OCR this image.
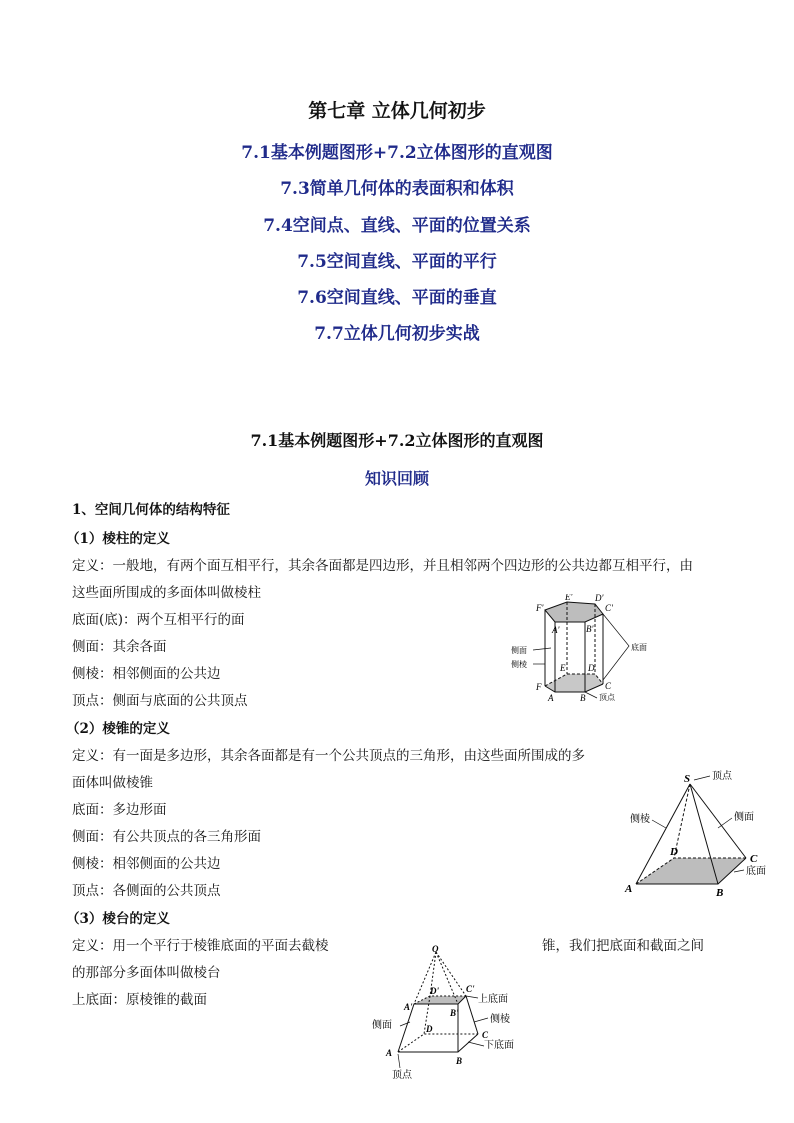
第七章 立体几何初步
7.1基本例题图形+7.2立体图形的直观图
7.3简单几何体的表面积和体积
7.4空间点、直线、平面的位置关系
7.5空间直线、平面的平行
7.6空间直线、平面的垂直
7.7立体几何初步实战
7.1基本例题图形+7.2立体图形的直观图
知识回顾
1、空间几何体的结构特征
（1）棱柱的定义
定义：一般地，有两个面互相平行，其余各面都是四边形，并且相邻两个四边形的公共边都互相平行，由
这些面所围成的多面体叫做棱柱
底面(底)：两个互相平行的面
侧面：其余各面
侧棱：相邻侧面的公共边
顶点：侧面与底面的公共顶点
E'	D'
F'	C'
A'	B'
E	D
F	C
A	B
侧面
侧棱
底面
顶点
（2）棱锥的定义
定义：有一面是多边形，其余各面都是有一个公共顶点的三角形，由这些面所围成的多
面体叫做棱锥
底面：多边形面
侧面：有公共顶点的各三角形面
侧棱：相邻侧面的公共边
顶点：各侧面的公共顶点
S
D
C
A	B
顶点
侧棱	侧面
底面
（3）棱台的定义
定义：用一个平行于棱锥底面的平面去截棱	锥，我们把底面和截面之间
的那部分多面体叫做棱台
上底面：原棱锥的截面
O
D'	C'
A'
B'
D
C
A
B
上底面
侧棱
侧面
下底面
顶点
